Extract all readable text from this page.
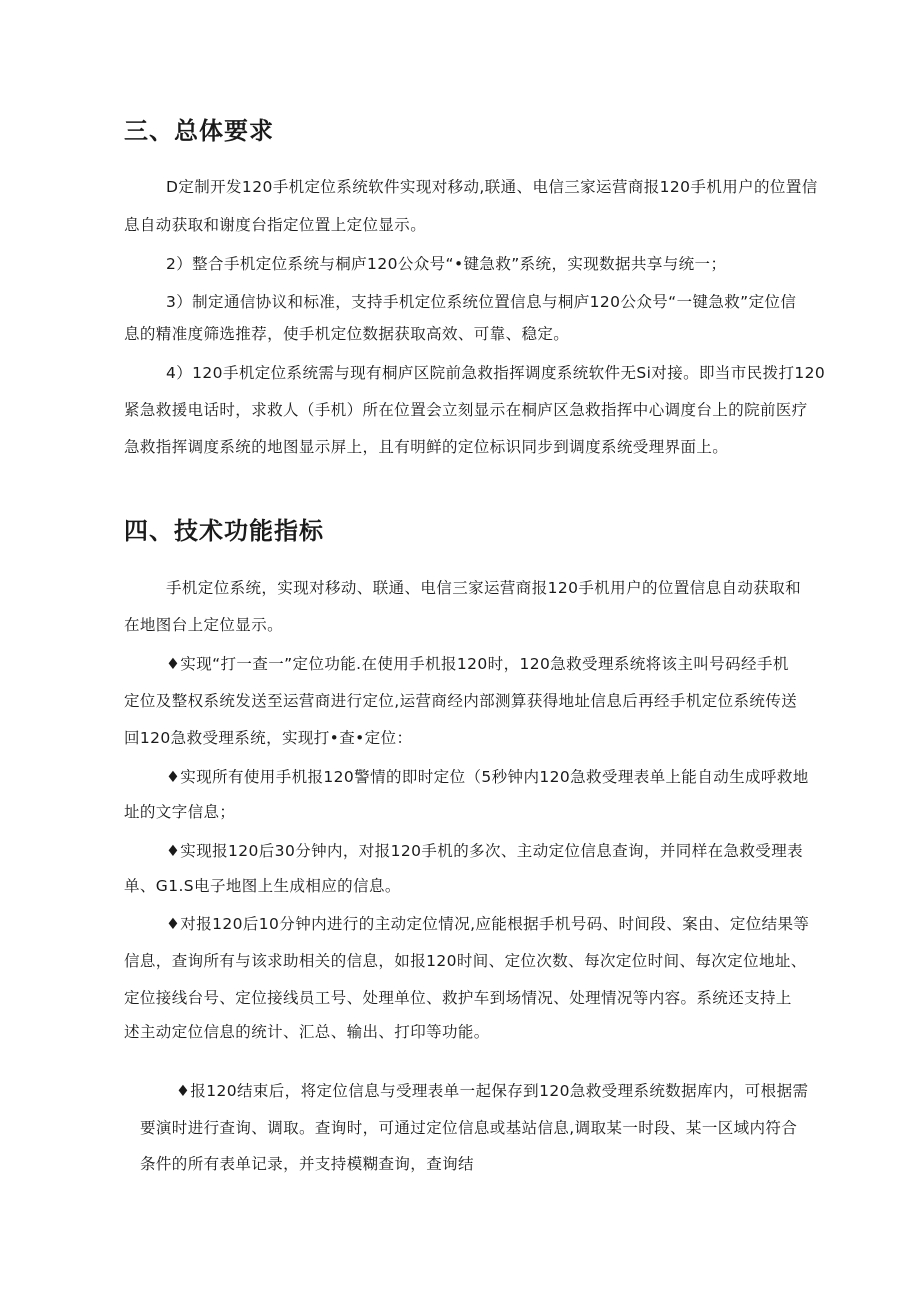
三、总体要求

D定制开发120手机定位系统软件实现对移动,联通、电信三家运营商报120手机用户的位置信

息自动获取和谢度台指定位置上定位显示。

2）整合手机定位系统与桐庐120公众号“•键急救”系统，实现数据共享与统一；

3）制定通信协议和标准，支持手机定位系统位置信息与桐庐120公众号“一键急救”定位信

息的精准度筛选推荐，使手机定位数据获取高效、可靠、稳定。

4）120手机定位系统需与现有桐庐区院前急救指挥调度系统软件无Si对接。即当市民拨打120

紧急救援电话时，求救人（手机）所在位置会立刻显示在桐庐区急救指挥中心调度台上的院前医疗

急救指挥调度系统的地图显示屏上，且有明鲜的定位标识同步到调度系统受理界面上。

四、技术功能指标

手机定位系统，实现对移动、联通、电信三家运营商报120手机用户的位置信息自动获取和

在地图台上定位显示。

♦实现“打一查一”定位功能.在使用手机报120时，120急救受理系统将该主叫号码经手机

定位及整权系统发送至运营商进行定位,运营商经内部测算获得地址信息后再经手机定位系统传送

回120急救受理系统，实现打•查•定位：

♦实现所有使用手机报120警情的即时定位（5秒钟内120急救受理表单上能自动生成呼救地

址的文字信息；

♦实现报120后30分钟内，对报120手机的多次、主动定位信息查询，并同样在急救受理表

单、G1.S电子地图上生成相应的信息。

♦对报120后10分钟内进行的主动定位情况,应能根据手机号码、时间段、案由、定位结果等

信息，查询所有与该求助相关的信息，如报120时间、定位次数、每次定位时间、每次定位地址、

定位接线台号、定位接线员工号、处理单位、救护车到场情况、处理情况等内容。系统还支持上

述主动定位信息的统计、汇总、输出、打印等功能。

♦报120结束后，将定位信息与受理表单一起保存到120急救受理系统数据库内，可根据需

要演时进行查询、调取。查询时，可通过定位信息或基站信息,调取某一时段、某一区域内符合

条件的所有表单记录，并支持模糊查询，查询结
